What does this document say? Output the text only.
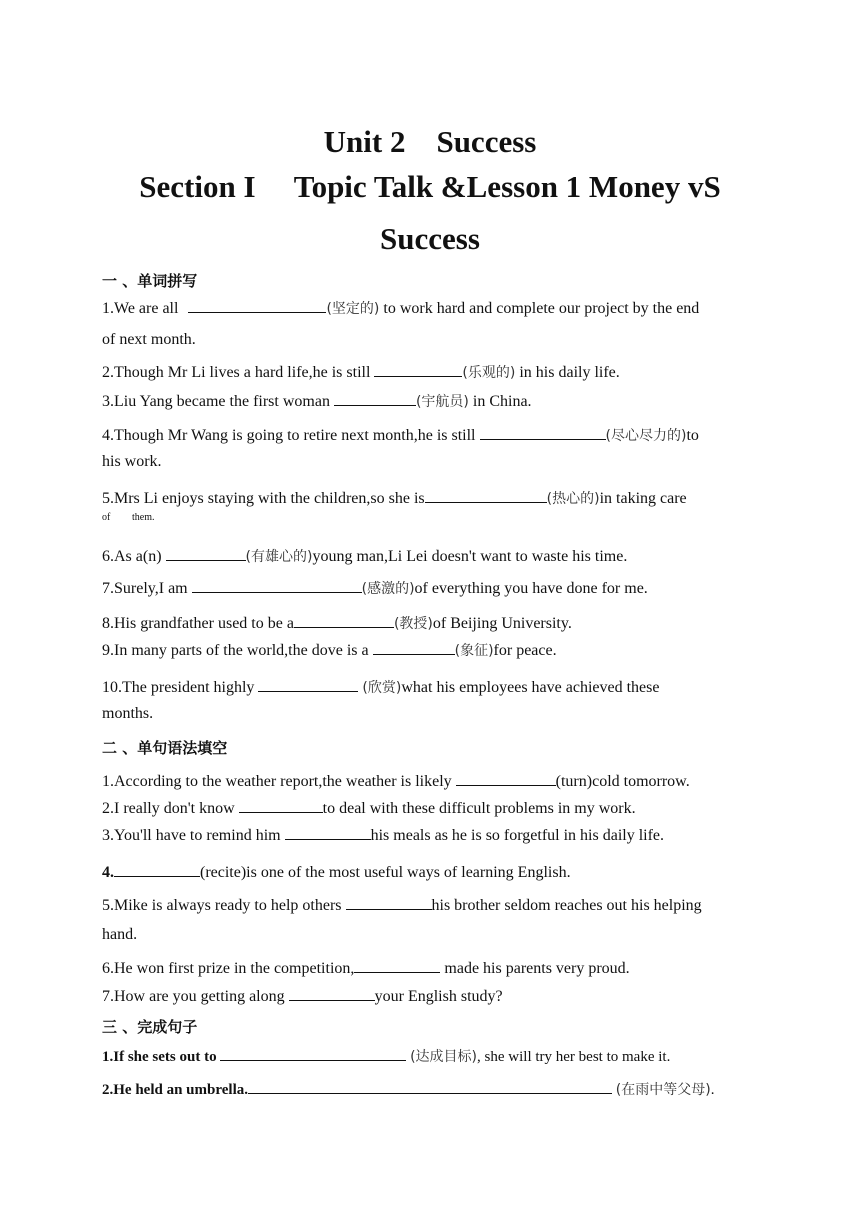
Unit 2　Success
Section I　 Topic Talk &Lesson 1 Money vS
Success
一 、单词拼写
1.We are all	(坚定的) to work hard and complete our project by the end
of next month.
2.Though Mr Li lives a hard life,he is still	(乐观的) in his daily life.
3.Liu Yang became the first woman	(宇航员) in China.
4.Though Mr Wang is going to retire next month,he is still	(尽心尽力的)to
his work.
5.Mrs Li enjoys staying with the children,so she is	(热心的)in taking care
of them.
6.As a(n)	(有雄心的)young man,Li Lei doesn't want to waste his time.
7.Surely,I am	(感激的)of everything you have done for me.
8.His grandfather used to be a	(教授)of Beijing University.
9.In many parts of the world,the dove is a	(象征)for peace.
10.The president highly	(欣赏)what his employees have achieved these
months.
二 、单句语法填空
1.According to the weather report,the weather is likely	(turn)cold tomorrow.
2.I really don't know	to deal with these difficult problems in my work.
3.You'll have to remind him	his meals as he is so forgetful in his daily life.
4.	(recite)is one of the most useful ways of learning English.
5.Mike is always ready to help others	his brother seldom reaches out his helping
hand.
6.He won first prize in the competition,	made his parents very proud.
7.How are you getting along	your English study?
三 、完成句子
1.If she sets out to	(达成目标), she will try her best to make it.
2.He held an umbrella.	(在雨中等父母).
